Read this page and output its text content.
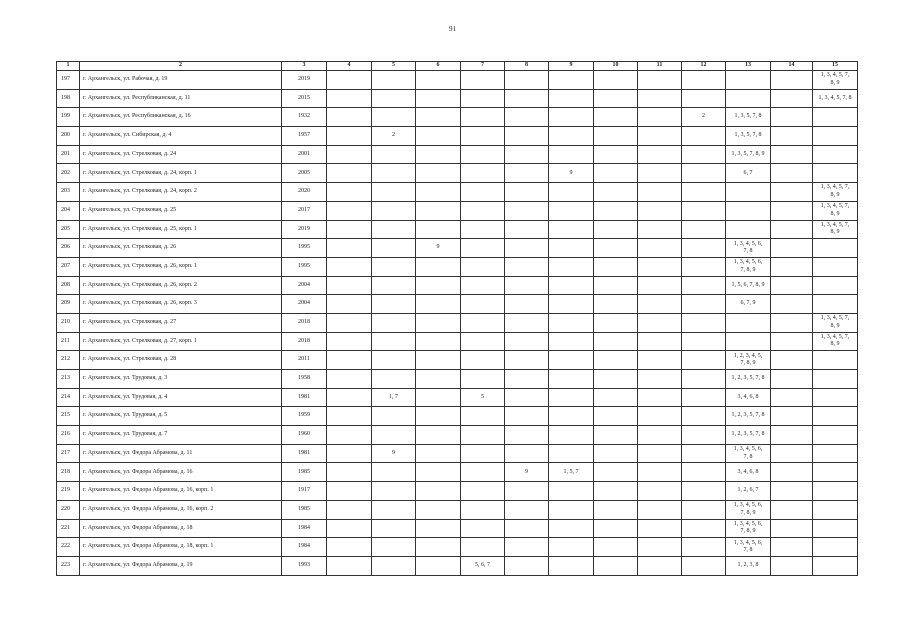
91
1	2	3	4	5	6	7	8	9	10	11	12	13	14	15
197	г. Архангельск, ул. Рабочая, д. 19	2019												1, 3, 4, 5, 7,
8, 9

198	г. Архангельск, ул. Республиканская, д. 11	2015												1, 3, 4, 5, 7, 8
199	г. Архангельск, ул. Республиканская, д. 16	1932									2	1, 3, 5, 7, 8		
200	г. Архангельск, ул. Сибирская, д. 4	1957		2								1, 3, 5, 7, 8		
201	г. Архангельск, ул. Стрелковая, д. 24	2001										1, 3, 5, 7, 8, 9		
202	г. Архангельск, ул. Стрелковая, д. 24, корп. 1	2005						9				6, 7		
203	г. Архангельск, ул. Стрелковая, д. 24, корп. 2	2020												1, 3, 4, 5, 7,
8, 9

204	г. Архангельск, ул. Стрелковая, д. 25	2017												1, 3, 4, 5, 7,
8, 9

205	г. Архангельск, ул. Стрелковая, д. 25, корп. 1	2019												1, 3, 4, 5, 7,
8, 9

206	г. Архангельск, ул. Стрелковая, д. 26	1995			9							1, 3, 4, 5, 6,
7, 8		

207	г. Архангельск, ул. Стрелковая, д. 26, корп. 1	1995										1, 3, 4, 5, 6,
7, 8, 9		

208	г. Архангельск, ул. Стрелковая, д. 26, корп. 2	2004										1, 5, 6, 7, 8, 9		
209	г. Архангельск, ул. Стрелковая, д. 26, корп. 3	2004										6, 7, 9		
210	г. Архангельск, ул. Стрелковая, д. 27	2018												1, 3, 4, 5, 7,
8, 9

211	г. Архангельск, ул. Стрелковая, д. 27, корп. 1	2018												1, 3, 4, 5, 7,
8, 9

212	г. Архангельск, ул. Стрелковая, д. 28	2011										1, 2, 3, 4, 5,
7, 8, 9		

213	г. Архангельск, ул. Трудовая, д. 3	1958										1, 2, 3, 5, 7, 8		
214	г. Архангельск, ул. Трудовая, д. 4	1981		1, 7		5						3, 4, 6, 8		
215	г. Архангельск, ул. Трудовая, д. 5	1959										1, 2, 3, 5, 7, 8		
216	г. Архангельск, ул. Трудовая, д. 7	1960										1, 2, 3, 5, 7, 8		
217	г. Архангельск, ул. Федора Абрамова, д. 11	1981		9								1, 3, 4, 5, 6,
7, 8		

218	г. Архангельск, ул. Федора Абрамова, д. 16	1985					9	1, 5, 7				3, 4, 6, 8		
219	г. Архангельск, ул. Федора Абрамова, д. 16, корп. 1	1917										1, 2, 6, 7		
220	г. Архангельск, ул. Федора Абрамова, д. 16, корп. 2	1985										1, 3, 4, 5, 6,
7, 8, 9		

221	г. Архангельск, ул. Федора Абрамова, д. 18	1984										1, 3, 4, 5, 6,
7, 8, 9		

222	г. Архангельск, ул. Федора Абрамова, д. 18, корп. 1	1984										1, 3, 4, 5, 6,
7, 8		

223	г. Архангельск, ул. Федора Абрамова, д. 19	1993				5, 6, 7						1, 2, 3, 8		
